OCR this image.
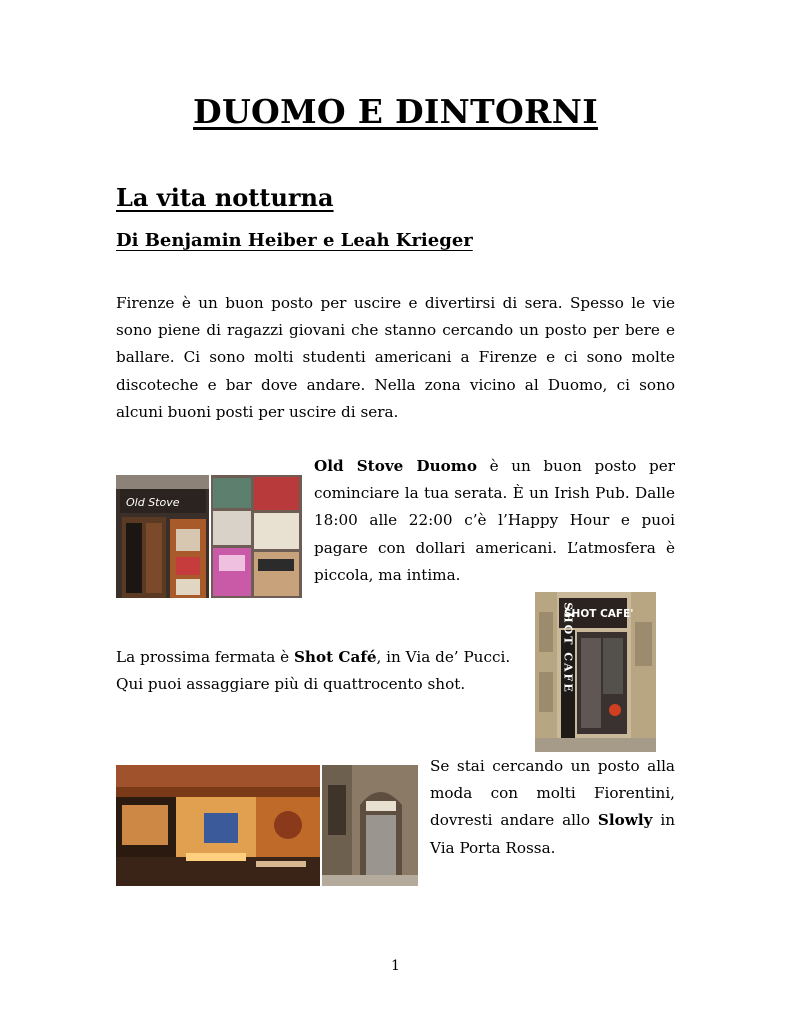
DUOMO E DINTORNI
La vita notturna
Di Benjamin Heiber e Leah Krieger
Firenze è un buon posto per uscire e divertirsi di sera. Spesso le vie sono piene di ragazzi giovani che stanno cercando un posto per bere e ballare. Ci sono molti studenti americani a Firenze e ci sono molte discoteche e bar dove andare. Nella zona vicino al Duomo, ci sono alcuni buoni posti per uscire di sera.
Old Stove
Old Stove Duomo è un buon posto per cominciare la tua serata. È un Irish Pub. Dalle 18:00 alle 22:00 c’è l’Happy Hour e puoi pagare con dollari americani. L’atmosfera è piccola, ma intima.
La prossima fermata è Shot Café, in Via de’ Pucci. Qui puoi assaggiare più di quattrocento shot.
SHOT CAFE'
SHOT CAFE
Se stai cercando un posto alla moda con molti Fiorentini, dovresti andare allo Slowly in Via Porta Rossa.
1
